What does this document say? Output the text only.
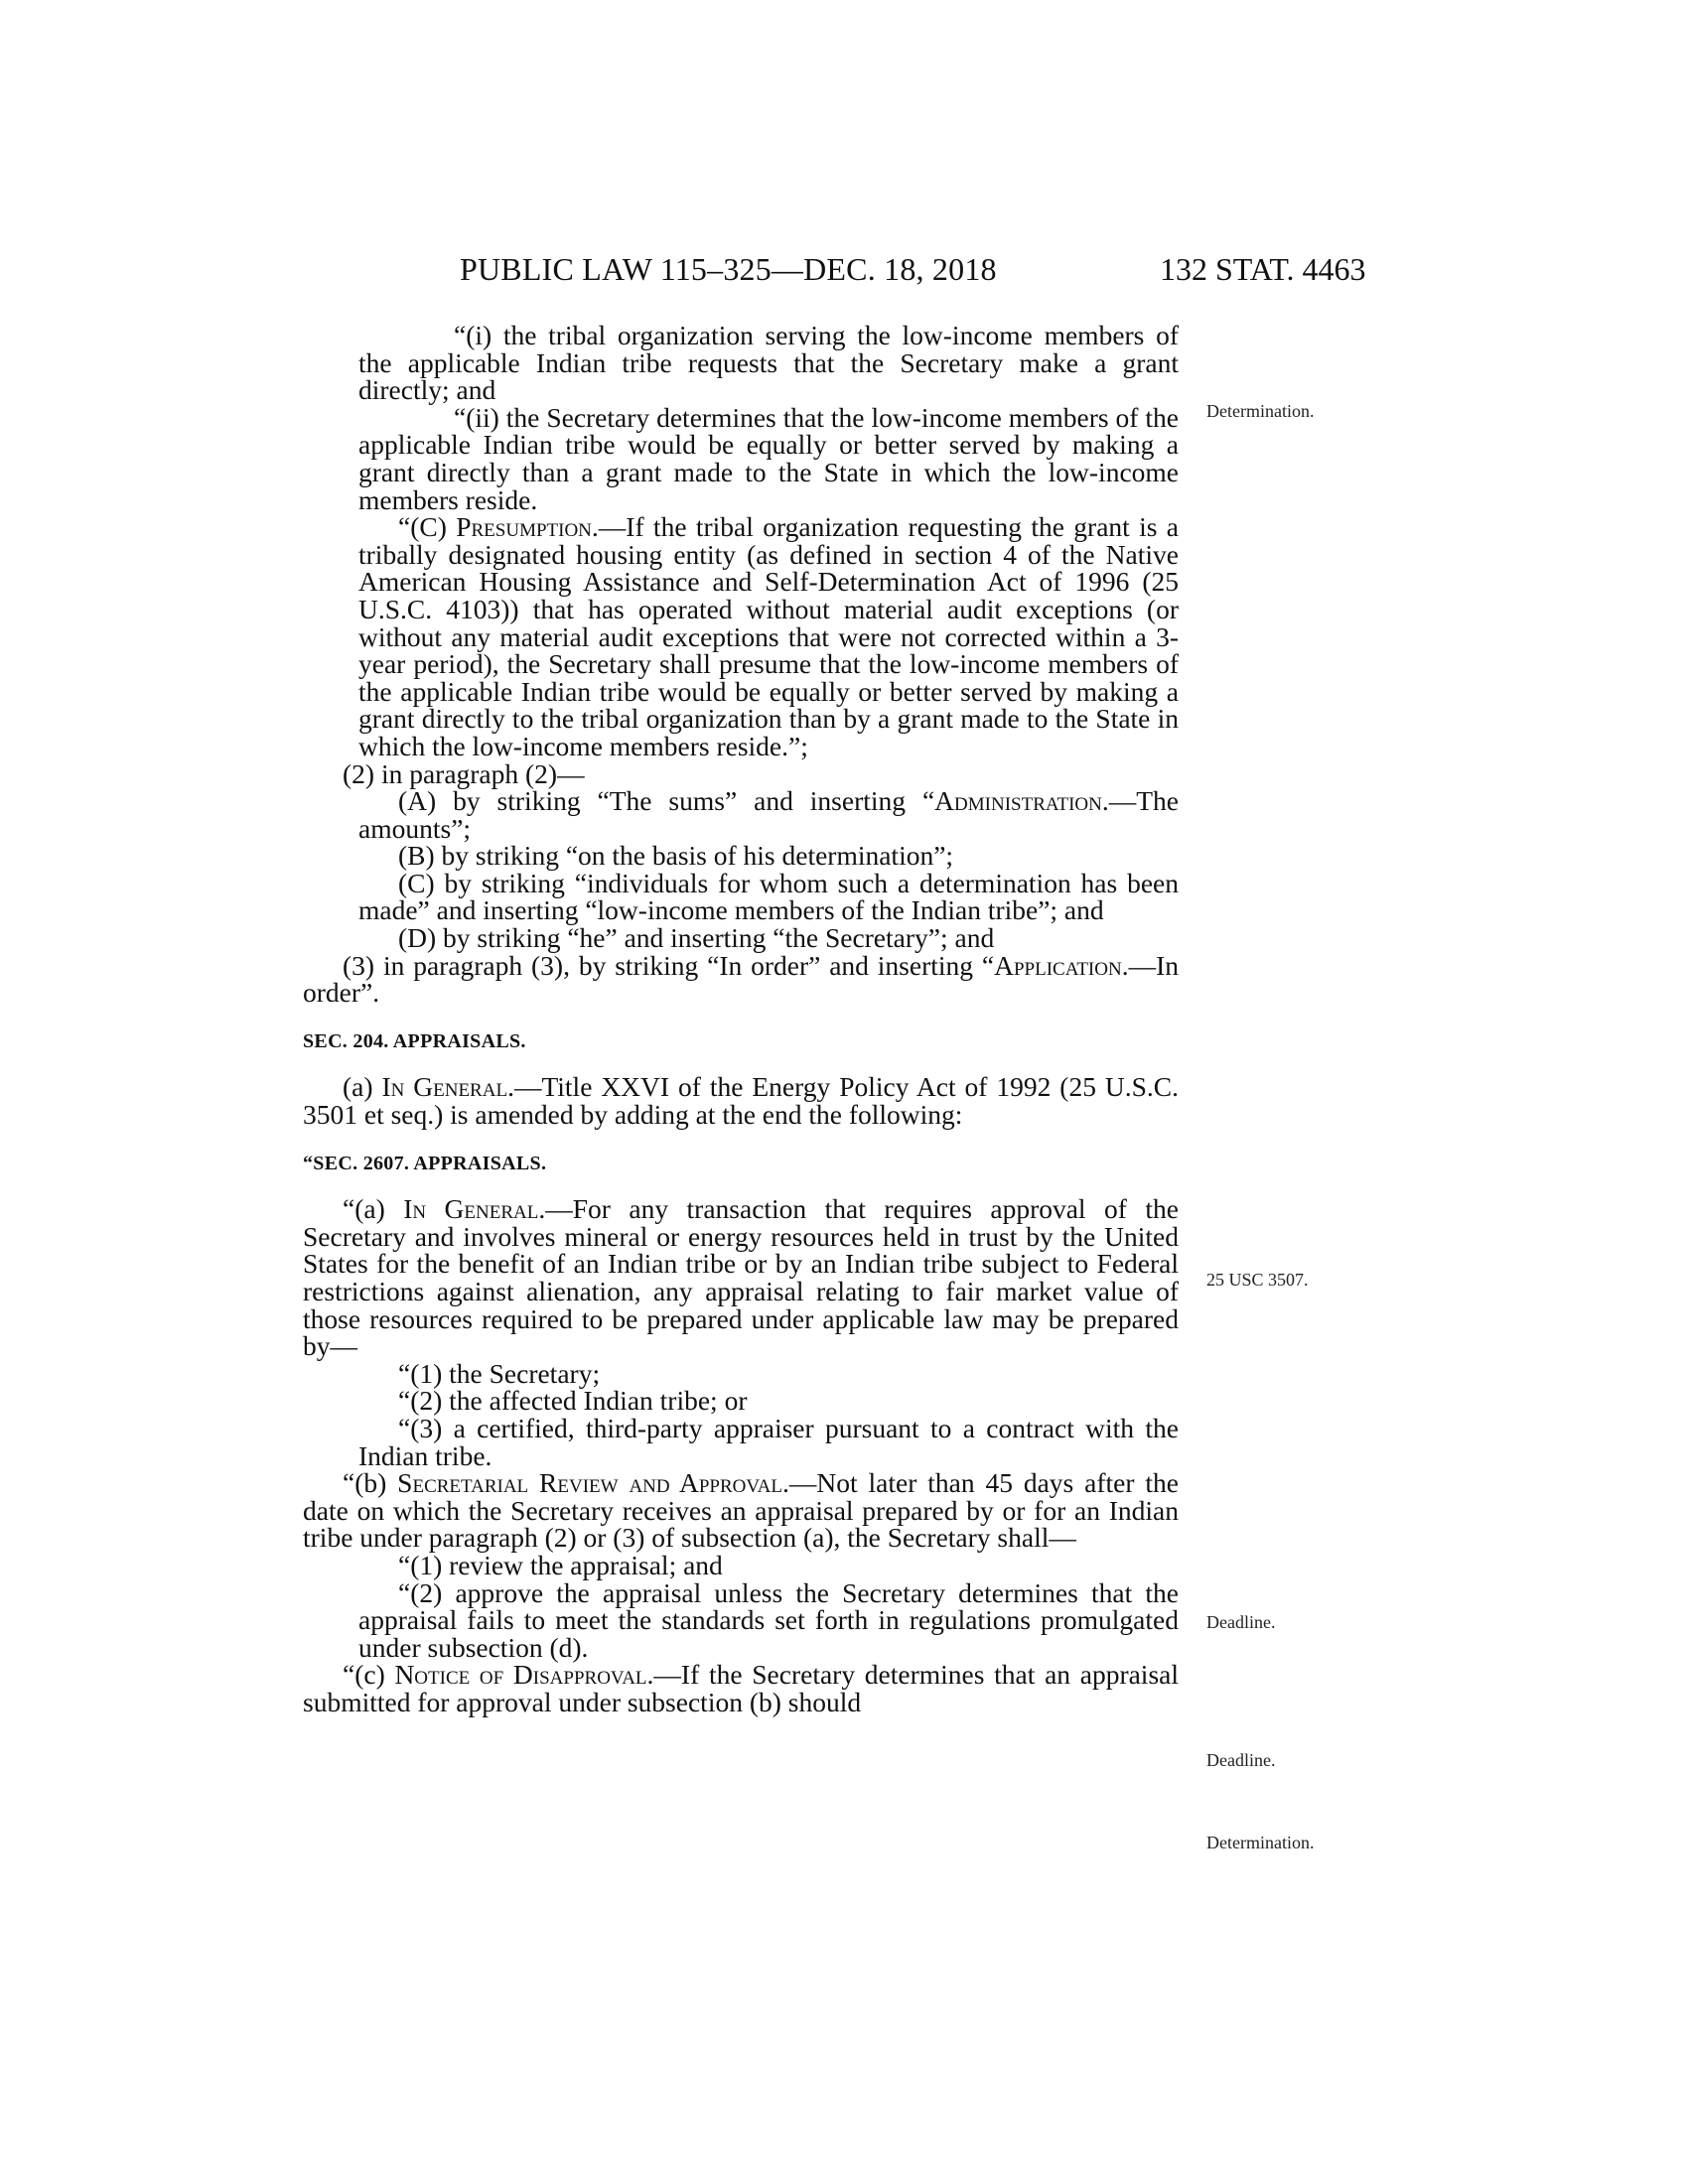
PUBLIC LAW 115–325—DEC. 18, 2018	132 STAT. 4463
Determination.
25 USC 3507.
Deadline.
Deadline.
Determination.

“(i) the tribal organization serving the low-income members of the applicable Indian tribe requests that the Secretary make a grant directly; and

“(ii) the Secretary determines that the low-income members of the applicable Indian tribe would be equally or better served by making a grant directly than a grant made to the State in which the low-income members reside.

“(C) Presumption.—If the tribal organization requesting the grant is a tribally designated housing entity (as defined in section 4 of the Native American Housing Assistance and Self-Determination Act of 1996 (25 U.S.C. 4103)) that has operated without material audit exceptions (or without any material audit exceptions that were not corrected within a 3-year period), the Secretary shall presume that the low-income members of the applicable Indian tribe would be equally or better served by making a grant directly to the tribal organization than by a grant made to the State in which the low-income members reside.”;

(2) in paragraph (2)—

(A) by striking “The sums” and inserting “Administration.—The amounts”;

(B) by striking “on the basis of his determination”;

(C) by striking “individuals for whom such a determination has been made” and inserting “low-income members of the Indian tribe”; and

(D) by striking “he” and inserting “the Secretary”; and

(3) in paragraph (3), by striking “In order” and inserting “Application.—In order”.

SEC. 204. APPRAISALS.

(a) In General.—Title XXVI of the Energy Policy Act of 1992 (25 U.S.C. 3501 et seq.) is amended by adding at the end the following:

“SEC. 2607. APPRAISALS.

“(a) In General.—For any transaction that requires approval of the Secretary and involves mineral or energy resources held in trust by the United States for the benefit of an Indian tribe or by an Indian tribe subject to Federal restrictions against alienation, any appraisal relating to fair market value of those resources required to be prepared under applicable law may be prepared by—

“(1) the Secretary;

“(2) the affected Indian tribe; or

“(3) a certified, third-party appraiser pursuant to a contract with the Indian tribe.

“(b) Secretarial Review and Approval.—Not later than 45 days after the date on which the Secretary receives an appraisal prepared by or for an Indian tribe under paragraph (2) or (3) of subsection (a), the Secretary shall—

“(1) review the appraisal; and

“(2) approve the appraisal unless the Secretary determines that the appraisal fails to meet the standards set forth in regulations promulgated under subsection (d).

“(c) Notice of Disapproval.—If the Secretary determines that an appraisal submitted for approval under subsection (b) should
